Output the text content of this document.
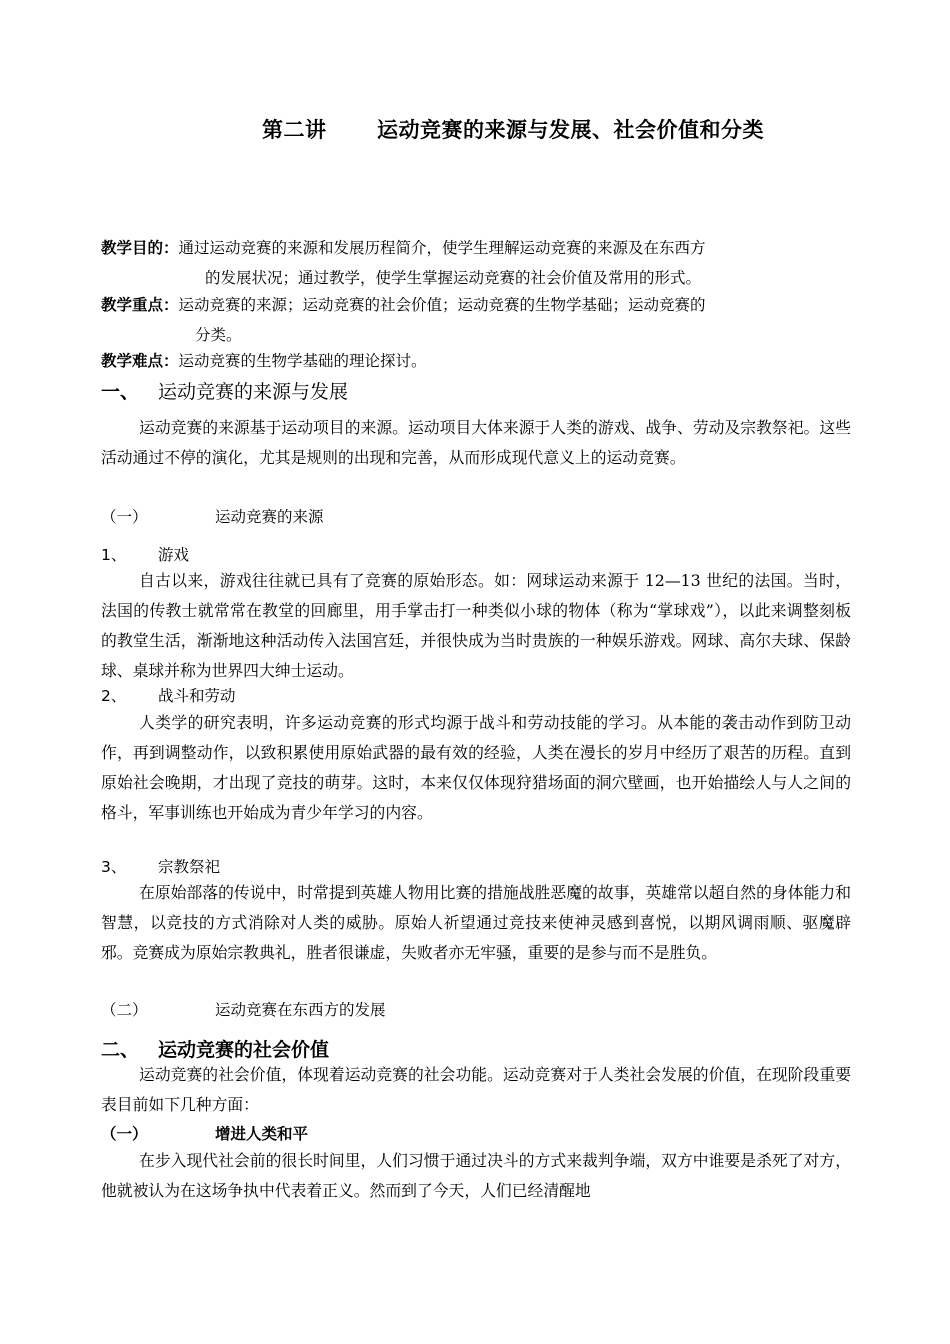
第二讲 运动竞赛的来源与发展、社会价值和分类
教学目的：通过运动竞赛的来源和发展历程简介，使学生理解运动竞赛的来源及在东西方
的发展状况；通过教学，使学生掌握运动竞赛的社会价值及常用的形式。
教学重点：运动竞赛的来源；运动竞赛的社会价值；运动竞赛的生物学基础；运动竞赛的
分类。
教学难点：运动竞赛的生物学基础的理论探讨。
一、 运动竞赛的来源与发展
运动竞赛的来源基于运动项目的来源。运动项目大体来源于人类的游戏、战争、劳动及宗教祭祀。这些活动通过不停的演化，尤其是规则的出现和完善，从而形成现代意义上的运动竞赛。
（一）	运动竞赛的来源
1、 游戏
自古以来，游戏往往就已具有了竞赛的原始形态。如：网球运动来源于 12—13 世纪的法国。当时，法国的传教士就常常在教堂的回廊里，用手掌击打一种类似小球的物体（称为“掌球戏”），以此来调整刻板的教堂生活，渐渐地这种活动传入法国宫廷，并很快成为当时贵族的一种娱乐游戏。网球、高尔夫球、保龄球、桌球并称为世界四大绅士运动。
2、 战斗和劳动
人类学的研究表明，许多运动竞赛的形式均源于战斗和劳动技能的学习。从本能的袭击动作到防卫动作，再到调整动作，以致积累使用原始武器的最有效的经验，人类在漫长的岁月中经历了艰苦的历程。直到原始社会晚期，才出现了竞技的萌芽。这时，本来仅仅体现狩猎场面的洞穴壁画，也开始描绘人与人之间的格斗，军事训练也开始成为青少年学习的内容。
3、 宗教祭祀
在原始部落的传说中，时常提到英雄人物用比赛的措施战胜恶魔的故事，英雄常以超自然的身体能力和智慧，以竞技的方式消除对人类的威胁。原始人祈望通过竞技来使神灵感到喜悦，以期风调雨顺、驱魔辟邪。竞赛成为原始宗教典礼，胜者很谦虚，失败者亦无牢骚，重要的是参与而不是胜负。
（二）	运动竞赛在东西方的发展
二、 运动竞赛的社会价值
运动竞赛的社会价值，体现着运动竞赛的社会功能。运动竞赛对于人类社会发展的价值，在现阶段重要表目前如下几种方面：
（一）	增进人类和平
在步入现代社会前的很长时间里，人们习惯于通过决斗的方式来裁判争端，双方中谁要是杀死了对方，他就被认为在这场争执中代表着正义。然而到了今天，人们已经清醒地
